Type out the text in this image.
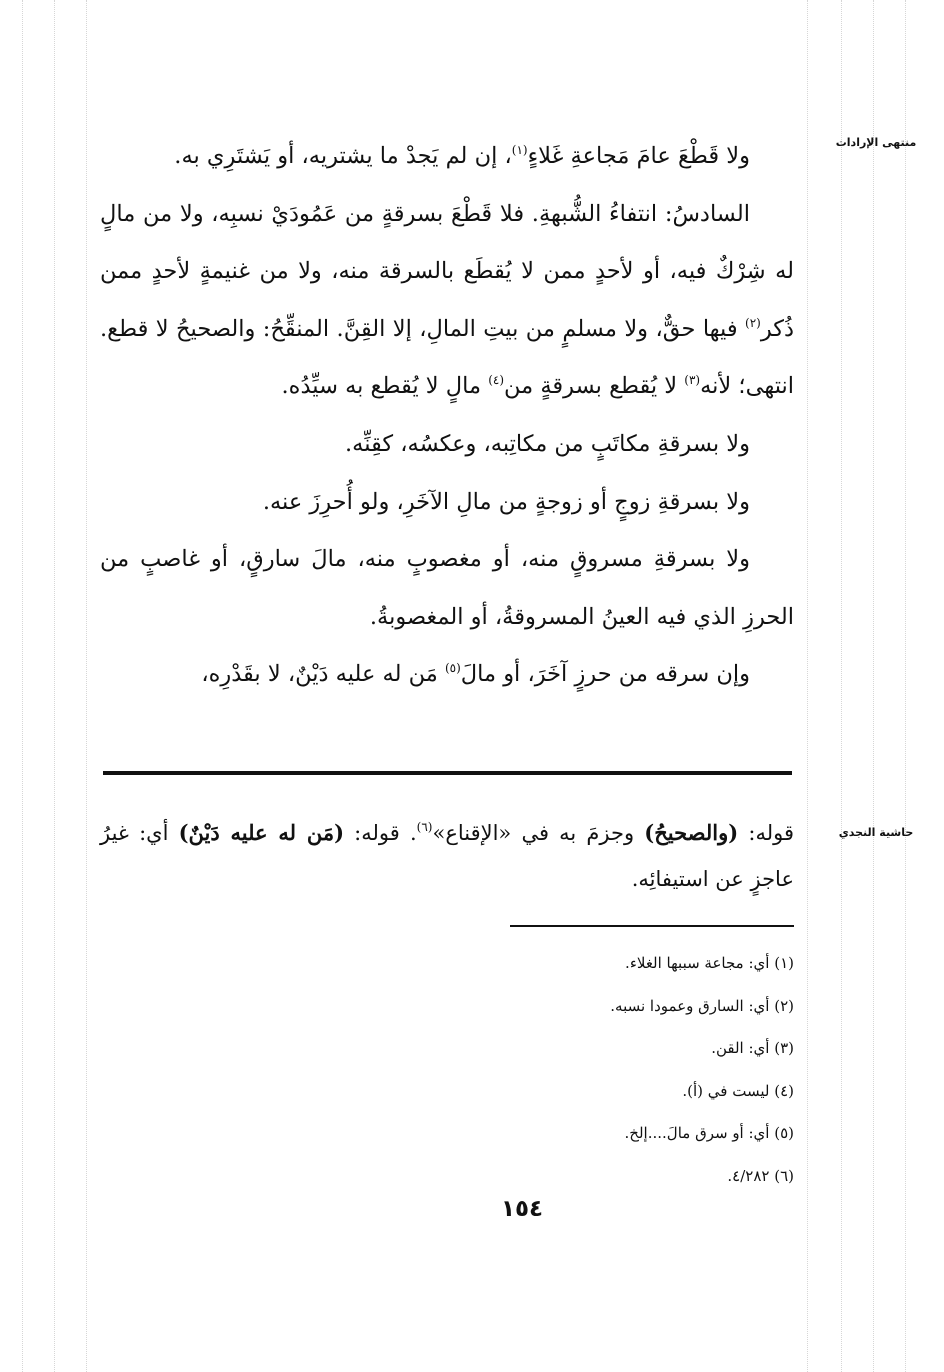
منتهى الإرادات
حاشية النجدي

ولا قَطْعَ عامَ مَجاعةِ غَلاءٍ$^{(١)}$، إن لم يَجدْ ما يشتريه، أو يَشتَرِي به.

السادسُ: انتفاءُ الشُّبهةِ. فلا قَطْعَ بسرقةٍ من عَمُودَيْ نسبِه، ولا من مالٍ له شِرْكٌ فيه، أو لأحدٍ ممن لا يُقطَع بالسرقة منه، ولا من غنيمةٍ لأحدٍ ممن ذُكر$^{(٢)}$ فيها حقٌّ، ولا مسلمٍ من بيتِ المالِ، إلا القِنَّ. المنقِّحُ: والصحيحُ لا قطع. انتهى؛ لأنه$^{(٣)}$ لا يُقطع بسرقةٍ من$^{(٤)}$ مالٍ لا يُقطع به سيِّدُه.

ولا بسرقةِ مكاتَبٍ من مكاتِبه، وعكسُه، كقِنِّه.

ولا بسرقةِ زوجٍ أو زوجةٍ من مالِ الآخَرِ، ولو أُحرِزَ عنه.

ولا بسرقةِ مسروقٍ منه، أو مغصوبٍ منه، مالَ سارقٍ، أو غاصبٍ من الحرزِ الذي فيه العينُ المسروقةُ، أو المغصوبةُ.

وإن سرقه من حرزٍ آخَرَ، أو مالَ$^{(٥)}$ مَن له عليه دَيْنٌ، لا بقَدْرِه،

قوله: (والصحيحُ) وجزمَ به في «الإقناع»$^{(٦)}$. قوله: (مَن له عليه دَيْنٌ) أي: غيرُ عاجزٍ عن استيفائِه.
(١) أي: مجاعة سببها الغلاء.
(٢) أي: السارق وعمودا نسبه.
(٣) أي: القن.
(٤) ليست في (أ).
(٥) أي: أو سرق مالَ....إلخ.
(٦) ٤/٢٨٢.
١٥٤
